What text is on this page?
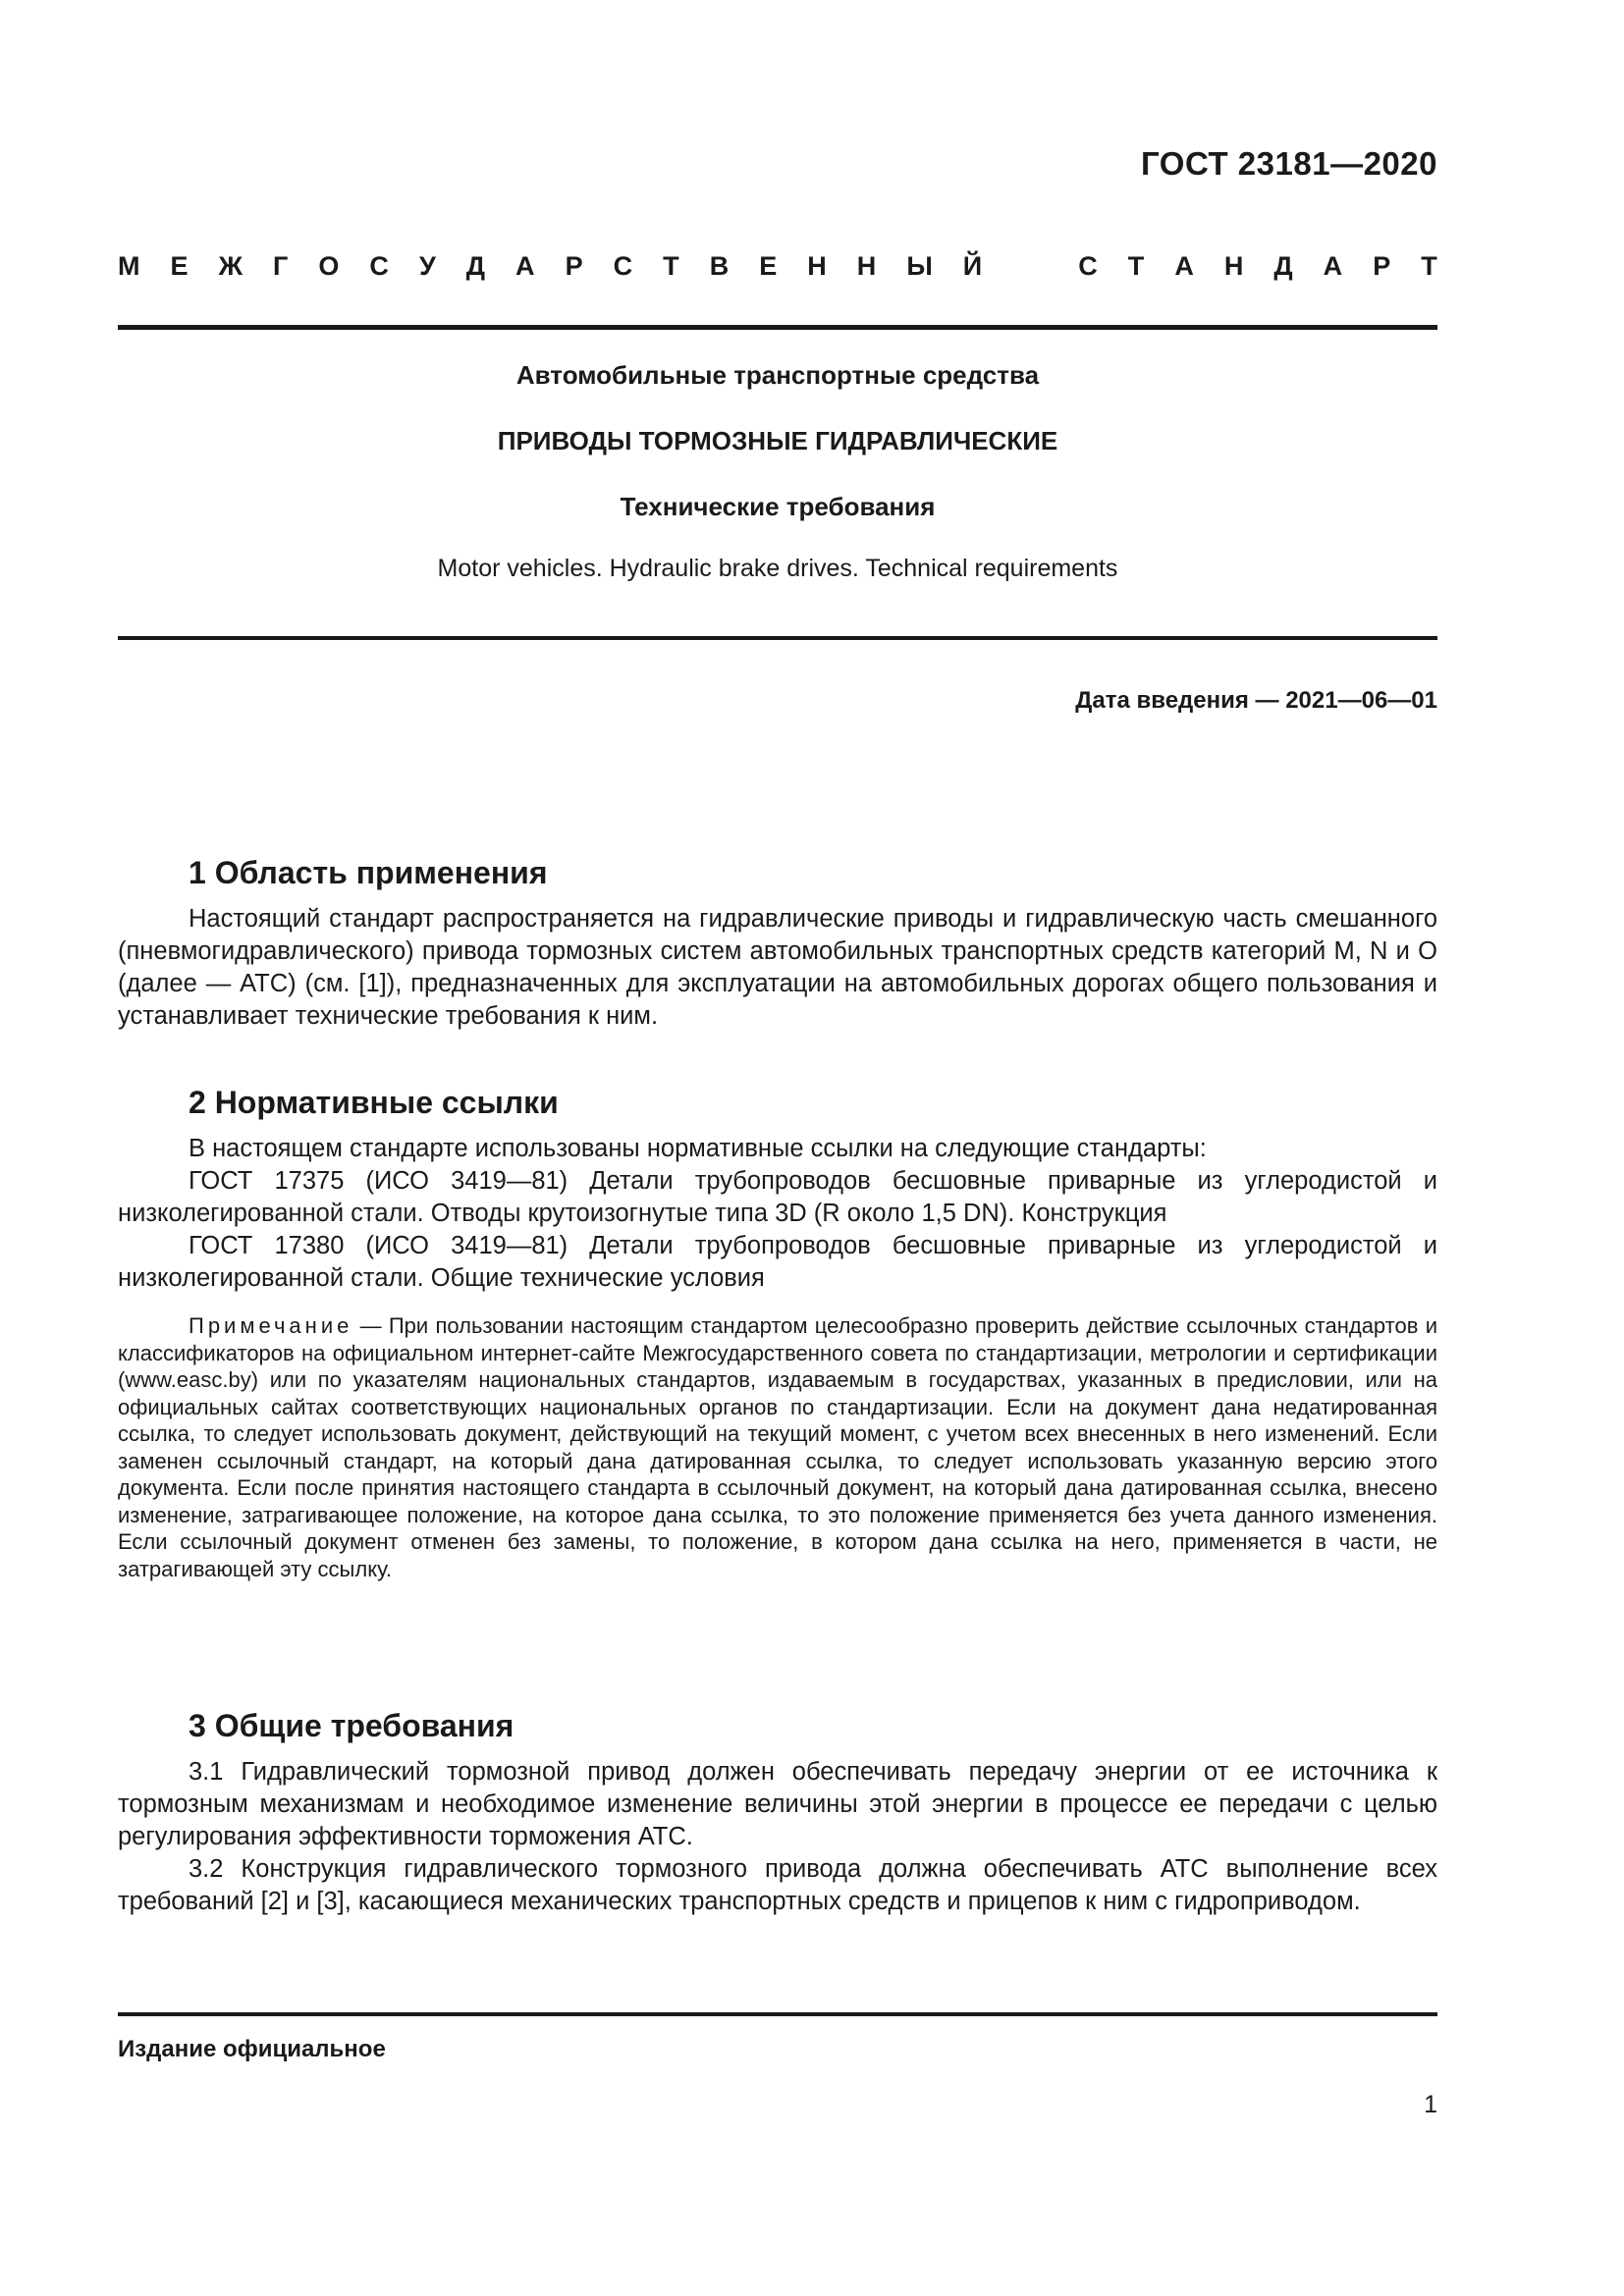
ГОСТ 23181—2020
М Е Ж Г О С У Д А Р С Т В Е Н Н Ы Й	С Т А Н Д А Р Т
Автомобильные транспортные средства
ПРИВОДЫ ТОРМОЗНЫЕ ГИДРАВЛИЧЕСКИЕ
Технические требования
Motor vehicles. Hydraulic brake drives. Technical requirements
Дата введения — 2021—06—01
1 Область применения

Настоящий стандарт распространяется на гидравлические приводы и гидравлическую часть смешанного (пневмогидравлического) привода тормозных систем автомобильных транспортных средств категорий M, N и O (далее — АТС) (см. [1]), предназначенных для эксплуатации на автомобильных дорогах общего пользования и устанавливает технические требования к ним.

2 Нормативные ссылки

В настоящем стандарте использованы нормативные ссылки на следующие стандарты:

ГОСТ 17375 (ИСО 3419—81) Детали трубопроводов бесшовные приварные из углеродистой и низколегированной стали. Отводы крутоизогнутые типа 3D (R около 1,5 DN). Конструкция

ГОСТ 17380 (ИСО 3419—81) Детали трубопроводов бесшовные приварные из углеродистой и низколегированной стали. Общие технические условия

Примечание — При пользовании настоящим стандартом целесообразно проверить действие ссылочных стандартов и классификаторов на официальном интернет-сайте Межгосударственного совета по стандартизации, метрологии и сертификации (www.easc.by) или по указателям национальных стандартов, издаваемым в государствах, указанных в предисловии, или на официальных сайтах соответствующих национальных органов по стандартизации. Если на документ дана недатированная ссылка, то следует использовать документ, действующий на текущий момент, с учетом всех внесенных в него изменений. Если заменен ссылочный стандарт, на который дана датированная ссылка, то следует использовать указанную версию этого документа. Если после принятия настоящего стандарта в ссылочный документ, на который дана датированная ссылка, внесено изменение, затрагивающее положение, на которое дана ссылка, то это положение применяется без учета данного изменения. Если ссылочный документ отменен без замены, то положение, в котором дана ссылка на него, применяется в части, не затрагивающей эту ссылку.

3 Общие требования

3.1 Гидравлический тормозной привод должен обеспечивать передачу энергии от ее источника к тормозным механизмам и необходимое изменение величины этой энергии в процессе ее передачи с целью регулирования эффективности торможения АТС.

3.2 Конструкция гидравлического тормозного привода должна обеспечивать АТС выполнение всех требований [2] и [3], касающиеся механических транспортных средств и прицепов к ним с гидроприводом.

Издание официальное
1
